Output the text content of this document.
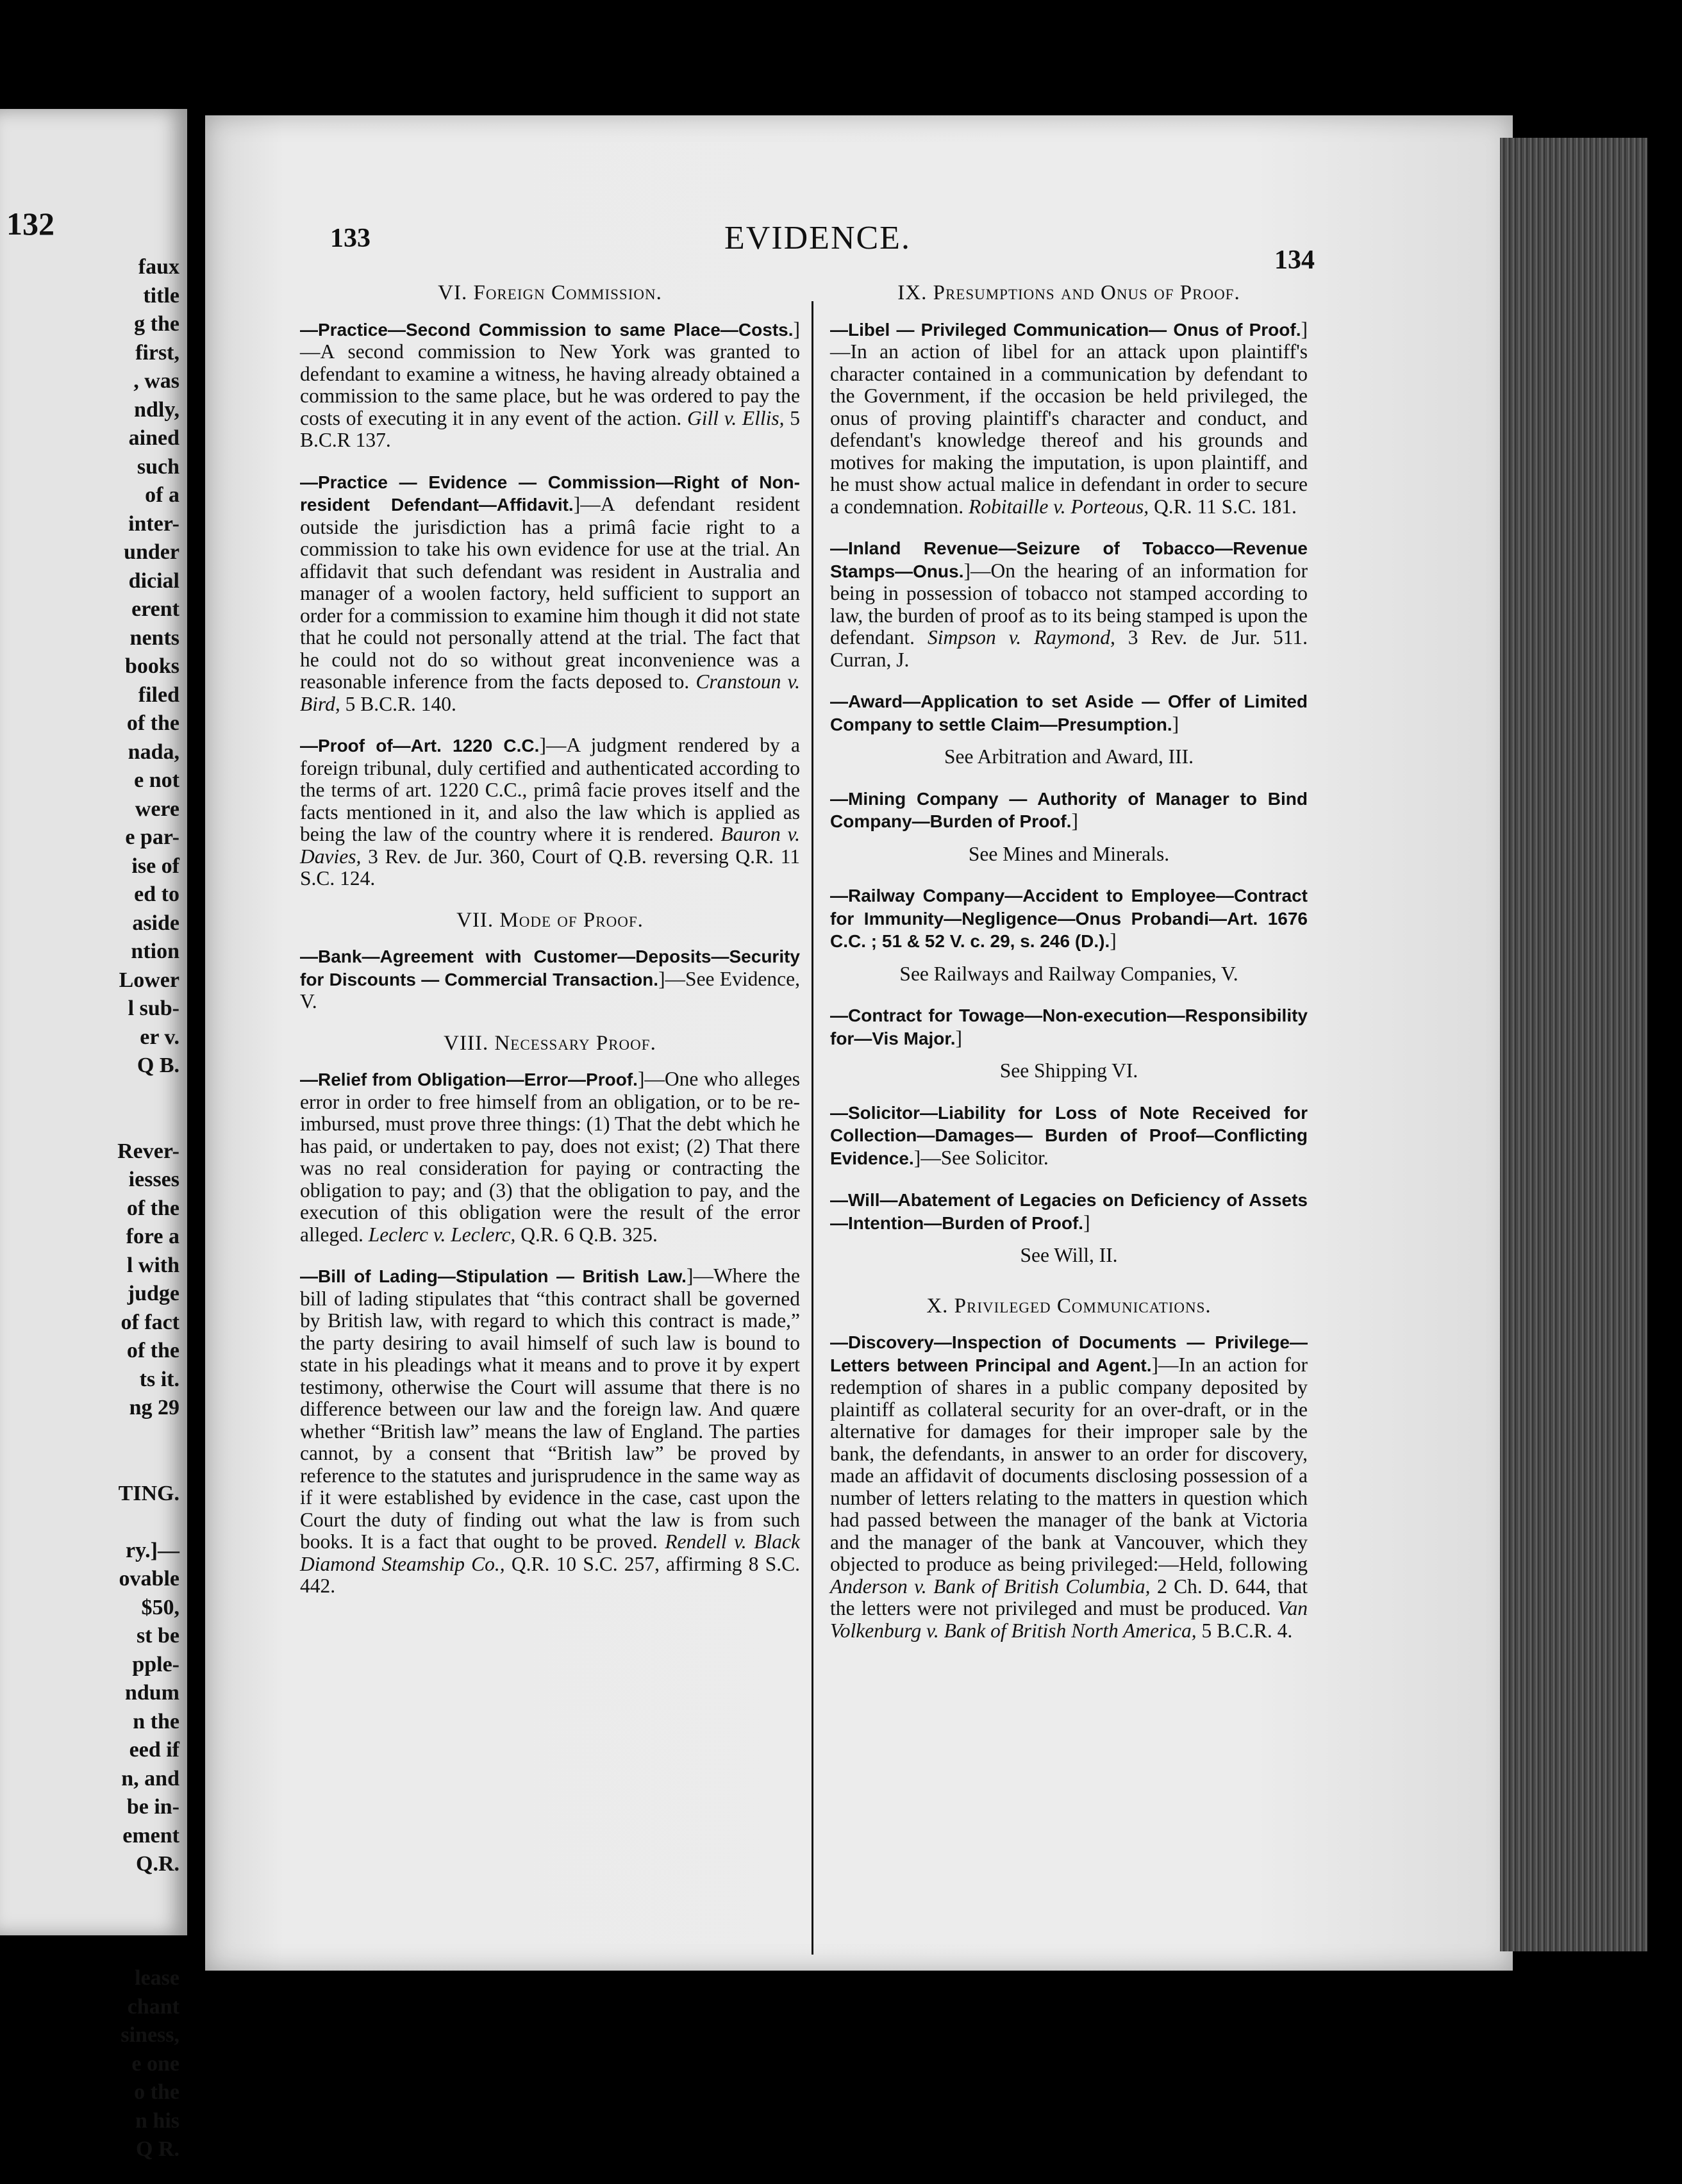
132
faux
title
g the
first,
, was
ndly,
ained
such
of a
inter-
under
dicial
erent
nents
books
filed
of the
nada,
e not
were
e par-
ise of
ed to
aside
ntion
Lower
l sub-
er v.
Q B.

Rever-
iesses
of the
fore a
l with
judge
of fact
of the
ts it.
ng 29

TING.

ry.]—
ovable
$50,
st be
pple-
ndum
n the
eed if
n, and
be in-
ement
Q.R.

lease
chant
siness,
e one
o the
n his
Q R.
133	EVIDENCE.
134
VI. Foreign Commission.

—Practice—Second Commission to same Place—Costs.]—A second commission to New York was granted to defendant to examine a witness, he having already obtained a commission to the same place, but he was ordered to pay the costs of executing it in any event of the action. Gill v. Ellis, 5 B.C.R 137.

—Practice — Evidence — Commission—Right of Non-resident Defendant—Affidavit.]—A defendant resident outside the jurisdiction has a primâ facie right to a commission to take his own evidence for use at the trial. An affidavit that such defendant was resident in Australia and manager of a woolen factory, held sufficient to support an order for a commission to examine him though it did not state that he could not personally attend at the trial. The fact that he could not do so without great inconvenience was a reasonable inference from the facts deposed to. Cranstoun v. Bird, 5 B.C.R. 140.

—Proof of—Art. 1220 C.C.]—A judgment rendered by a foreign tribunal, duly certified and authenticated according to the terms of art. 1220 C.C., primâ facie proves itself and the facts mentioned in it, and also the law which is applied as being the law of the country where it is rendered. Bauron v. Davies, 3 Rev. de Jur. 360, Court of Q.B. reversing Q.R. 11 S.C. 124.

VII. Mode of Proof.

—Bank—Agreement with Customer—Deposits—Security for Discounts — Commercial Transaction.]—See Evidence, V.

VIII. Necessary Proof.

—Relief from Obligation—Error—Proof.]—One who alleges error in order to free himself from an obligation, or to be re-imbursed, must prove three things: (1) That the debt which he has paid, or undertaken to pay, does not exist; (2) That there was no real consideration for paying or contracting the obligation to pay; and (3) that the obligation to pay, and the execution of this obligation were the result of the error alleged. Leclerc v. Leclerc, Q.R. 6 Q.B. 325.

—Bill of Lading—Stipulation — British Law.]—Where the bill of lading stipulates that “this contract shall be governed by British law, with regard to which this contract is made,” the party desiring to avail himself of such law is bound to state in his pleadings what it means and to prove it by expert testimony, otherwise the Court will assume that there is no difference between our law and the foreign law. And quære whether “British law” means the law of England. The parties cannot, by a consent that “British law” be proved by reference to the statutes and jurisprudence in the same way as if it were established by evidence in the case, cast upon the Court the duty of finding out what the law is from such books. It is a fact that ought to be proved. Rendell v. Black Diamond Steamship Co., Q.R. 10 S.C. 257, affirming 8 S.C. 442.

IX. Presumptions and Onus of Proof.

—Libel — Privileged Communication— Onus of Proof.]—In an action of libel for an attack upon plaintiff's character contained in a communication by defendant to the Government, if the occasion be held privileged, the onus of proving plaintiff's character and conduct, and defendant's knowledge thereof and his grounds and motives for making the imputation, is upon plaintiff, and he must show actual malice in defendant in order to secure a condemnation. Robitaille v. Porteous, Q.R. 11 S.C. 181.

—Inland Revenue—Seizure of Tobacco—Revenue Stamps—Onus.]—On the hearing of an information for being in possession of tobacco not stamped according to law, the burden of proof as to its being stamped is upon the defendant. Simpson v. Raymond, 3 Rev. de Jur. 511. Curran, J.

—Award—Application to set Aside — Offer of Limited Company to settle Claim—Presumption.]

See Arbitration and Award, III.

—Mining Company — Authority of Manager to Bind Company—Burden of Proof.]

See Mines and Minerals.

—Railway Company—Accident to Employee—Contract for Immunity—Negligence—Onus Probandi—Art. 1676 C.C. ; 51 & 52 V. c. 29, s. 246 (D.).]

See Railways and Railway Companies, V.

—Contract for Towage—Non-execution—Responsibility for—Vis Major.]

See Shipping VI.

—Solicitor—Liability for Loss of Note Received for Collection—Damages— Burden of Proof—Conflicting Evidence.]—See Solicitor.

—Will—Abatement of Legacies on Deficiency of Assets—Intention—Burden of Proof.]

See Will, II.
X. Privileged Communications.

—Discovery—Inspection of Documents — Privilege—Letters between Principal and Agent.]—In an action for redemption of shares in a public company deposited by plaintiff as collateral security for an over-draft, or in the alternative for damages for their improper sale by the bank, the defendants, in answer to an order for discovery, made an affidavit of documents disclosing possession of a number of letters relating to the matters in question which had passed between the manager of the bank at Victoria and the manager of the bank at Vancouver, which they objected to produce as being privileged:—Held, following Anderson v. Bank of British Columbia, 2 Ch. D. 644, that the letters were not privileged and must be produced. Van Volkenburg v. Bank of British North America, 5 B.C.R. 4.
